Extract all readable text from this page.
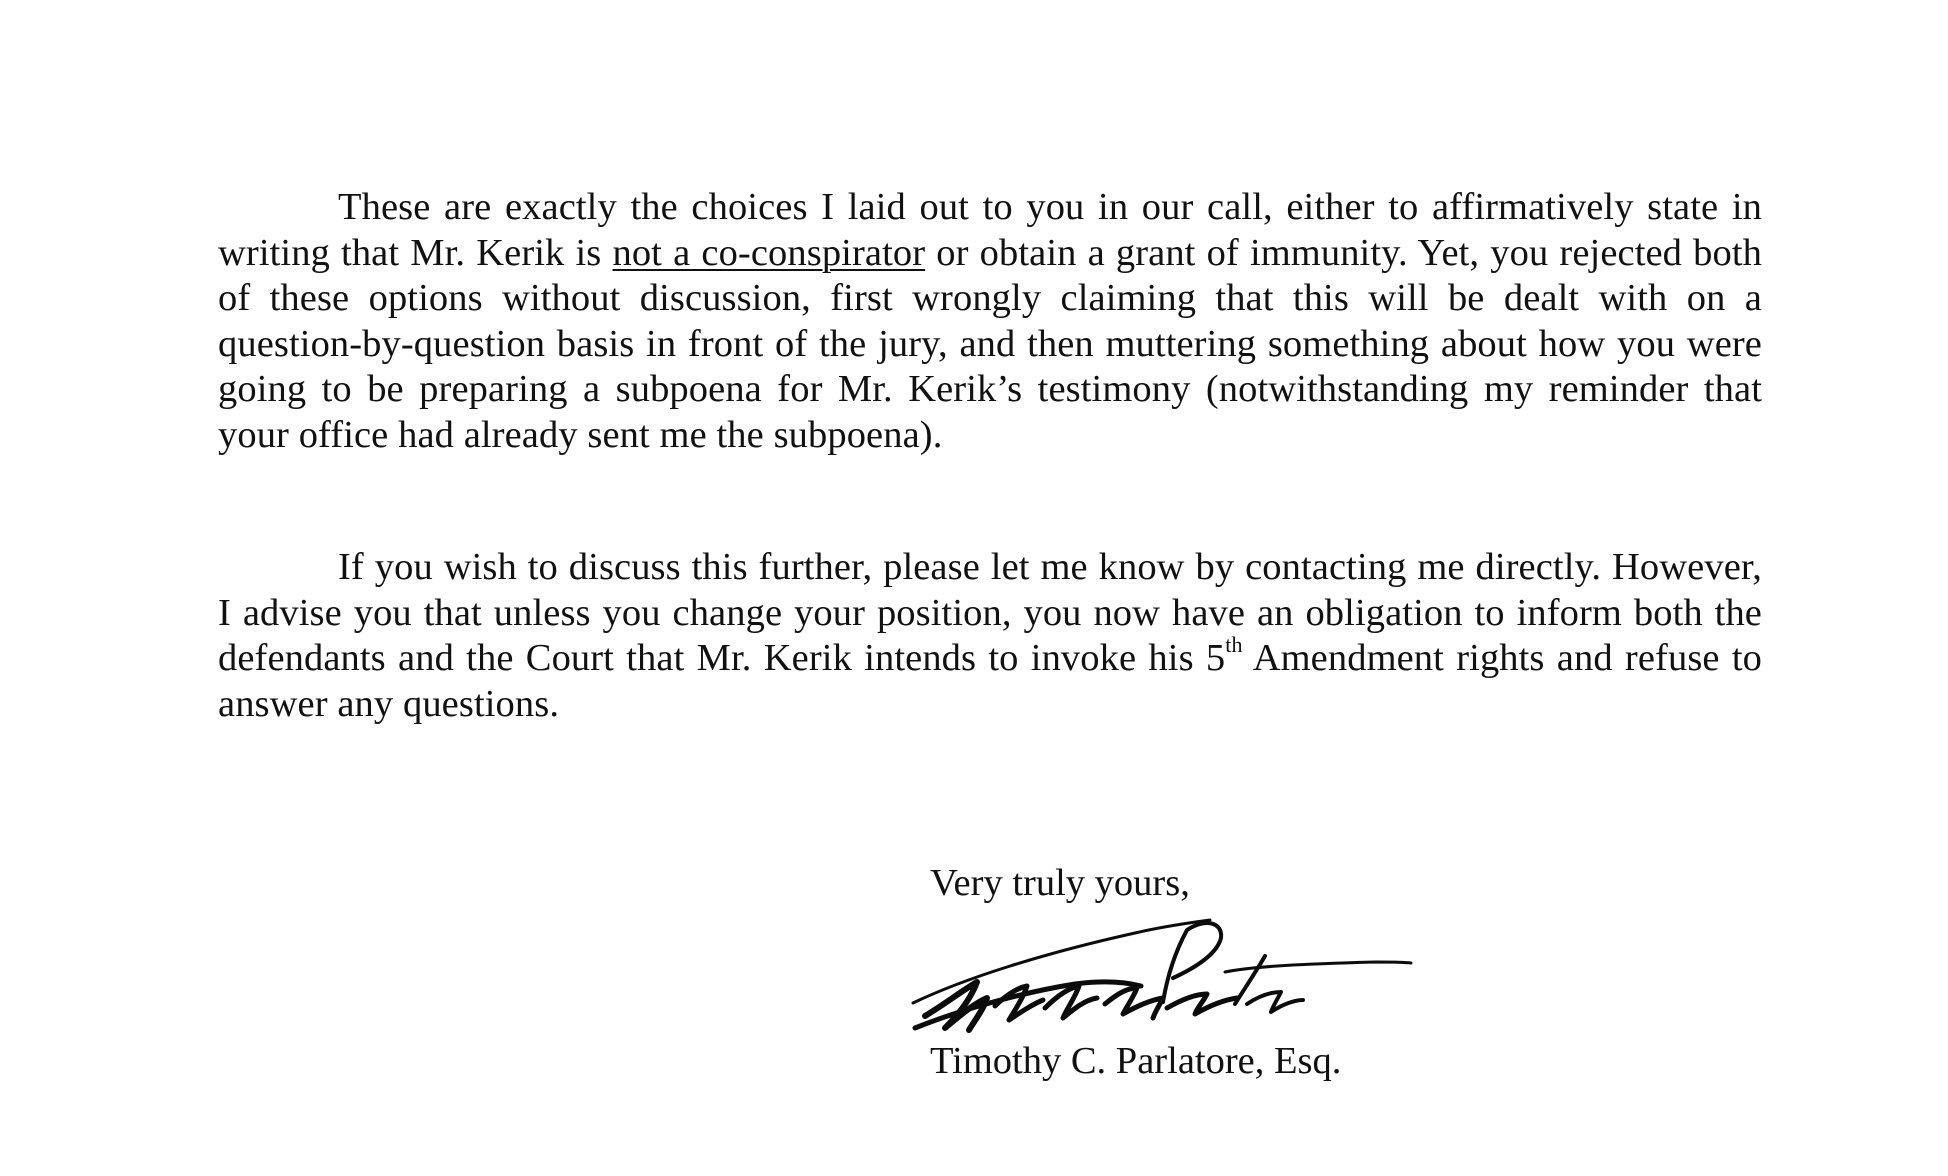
These are exactly the choices I laid out to you in our call, either to affirmatively state in writing that Mr. Kerik is not a co-conspirator or obtain a grant of immunity. Yet, you rejected both of these options without discussion, first wrongly claiming that this will be dealt with on a question-by-question basis in front of the jury, and then muttering something about how you were going to be preparing a subpoena for Mr. Kerik’s testimony (notwithstanding my reminder that your office had already sent me the subpoena).

If you wish to discuss this further, please let me know by contacting me directly. However, I advise you that unless you change your position, you now have an obligation to inform both the defendants and the Court that Mr. Kerik intends to invoke his 5th Amendment rights and refuse to answer any questions.

Very truly yours,
Timothy C. Parlatore, Esq.
